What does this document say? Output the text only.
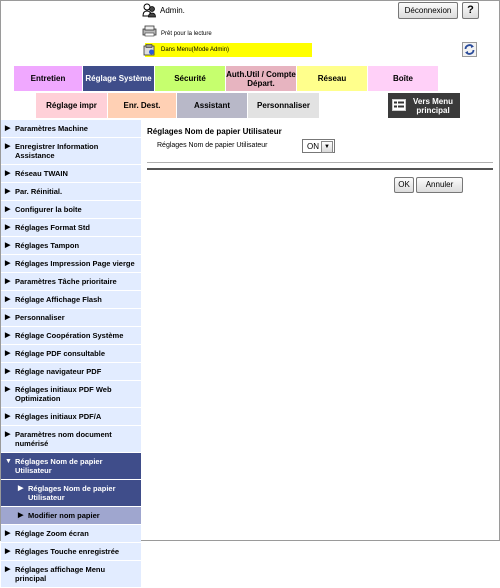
Admin.	Déconnexion	?
Prêt pour la lecture
Dans Menu(Mode Admin)
Entretien	Réglage Système	Sécurité	Auth.Util / Compte Départ.	Réseau	Boîte
Réglage impr	Enr. Dest.	Assistant	Personnaliser	Vers Menu principal
▶ Paramètres Machine
▶ Enregistrer Information Assistance
▶ Réseau TWAIN
▶ Par. Réinitial.
▶ Configurer la boîte
▶ Réglages Format Std
▶ Réglages Tampon
▶ Réglages Impression Page vierge
▶ Paramètres Tâche prioritaire
▶ Réglage Affichage Flash
▶ Personnaliser
▶ Réglage Coopération Système
▶ Réglage PDF consultable
▶ Réglage navigateur PDF
▶ Réglages initiaux PDF Web Optimization
▶ Réglages initiaux PDF/A
▶ Paramètres nom document numérisé
▼ Réglages Nom de papier Utilisateur
▶ Réglages Nom de papier Utilisateur
▶ Modifier nom papier
▶ Réglage Zoom écran
▶ Réglages Touche enregistrée
▶ Réglages affichage Menu principal
Réglages Nom de papier Utilisateur
Réglages Nom de papier Utilisateur	ON ▼
OK	Annuler
